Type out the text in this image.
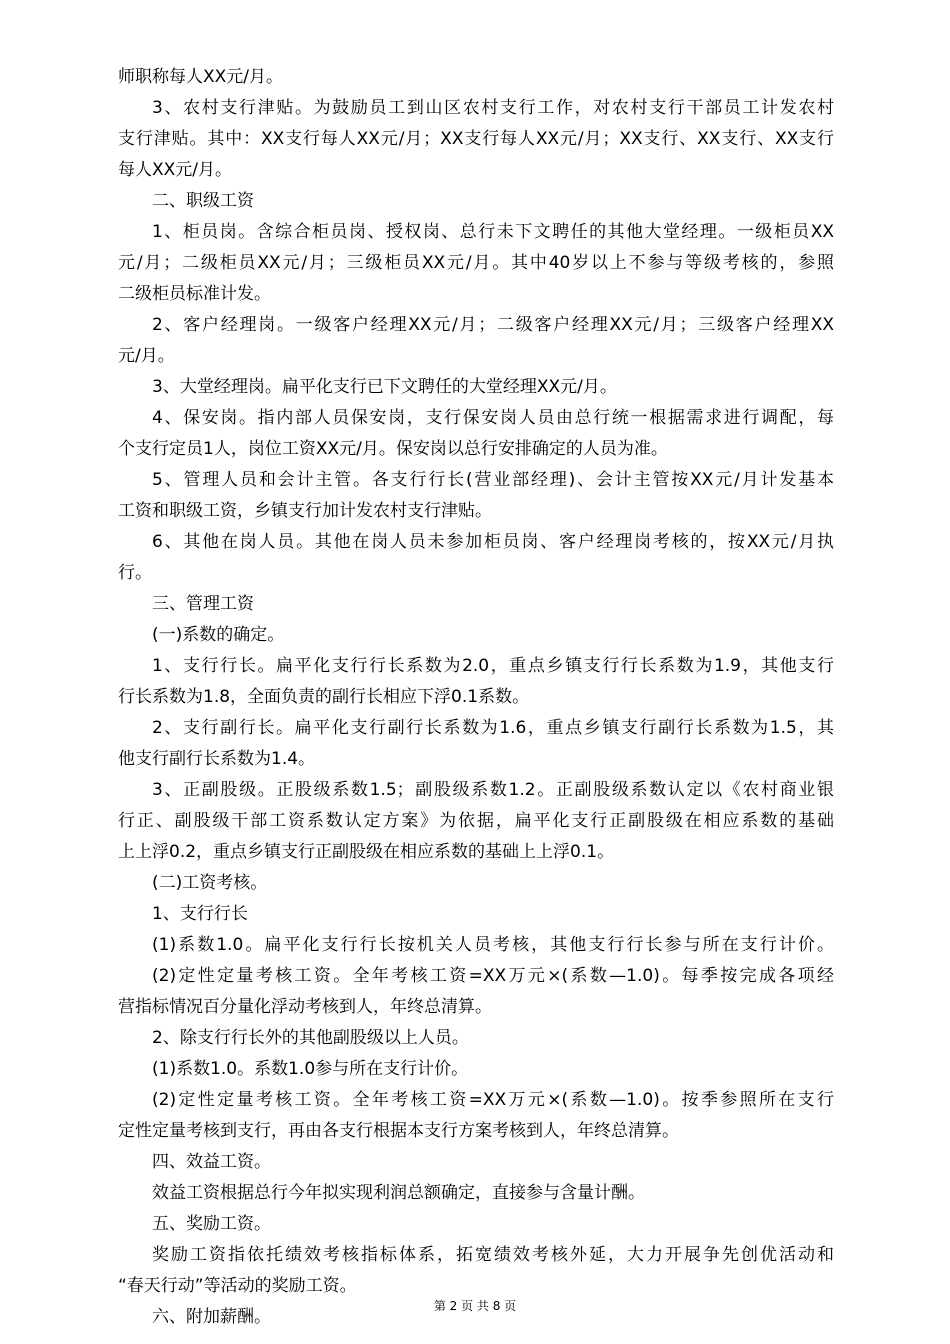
师职称每人XX元/月。
3、农村支行津贴。为鼓励员工到山区农村支行工作，对农村支行干部员工计发农村
支行津贴。其中：XX支行每人XX元/月；XX支行每人XX元/月；XX支行、XX支行、XX支行
每人XX元/月。
二、职级工资
1、柜员岗。含综合柜员岗、授权岗、总行未下文聘任的其他大堂经理。一级柜员XX
元/月；二级柜员XX元/月；三级柜员XX元/月。其中40岁以上不参与等级考核的，参照
二级柜员标准计发。
2、客户经理岗。一级客户经理XX元/月；二级客户经理XX元/月；三级客户经理XX
元/月。
3、大堂经理岗。扁平化支行已下文聘任的大堂经理XX元/月。
4、保安岗。指内部人员保安岗，支行保安岗人员由总行统一根据需求进行调配，每
个支行定员1人，岗位工资XX元/月。保安岗以总行安排确定的人员为准。
5、管理人员和会计主管。各支行行长(营业部经理)、会计主管按XX元/月计发基本
工资和职级工资，乡镇支行加计发农村支行津贴。
6、其他在岗人员。其他在岗人员未参加柜员岗、客户经理岗考核的，按XX元/月执
行。
三、管理工资
(一)系数的确定。
1、支行行长。扁平化支行行长系数为2.0，重点乡镇支行行长系数为1.9，其他支行
行长系数为1.8，全面负责的副行长相应下浮0.1系数。
2、支行副行长。扁平化支行副行长系数为1.6，重点乡镇支行副行长系数为1.5，其
他支行副行长系数为1.4。
3、正副股级。正股级系数1.5；副股级系数1.2。正副股级系数认定以《农村商业银
行正、副股级干部工资系数认定方案》为依据，扁平化支行正副股级在相应系数的基础
上上浮0.2，重点乡镇支行正副股级在相应系数的基础上上浮0.1。
(二)工资考核。
1、支行行长
(1)系数1.0。扁平化支行行长按机关人员考核，其他支行行长参与所在支行计价。
(2)定性定量考核工资。全年考核工资=XX万元×(系数—1.0)。每季按完成各项经
营指标情况百分量化浮动考核到人，年终总清算。
2、除支行行长外的其他副股级以上人员。
(1)系数1.0。系数1.0参与所在支行计价。
(2)定性定量考核工资。全年考核工资=XX万元×(系数—1.0)。按季参照所在支行
定性定量考核到支行，再由各支行根据本支行方案考核到人，年终总清算。
四、效益工资。
效益工资根据总行今年拟实现利润总额确定，直接参与含量计酬。
五、奖励工资。
奖励工资指依托绩效考核指标体系，拓宽绩效考核外延，大力开展争先创优活动和
“春天行动”等活动的奖励工资。
六、附加薪酬。
第 2 页 共 8 页
